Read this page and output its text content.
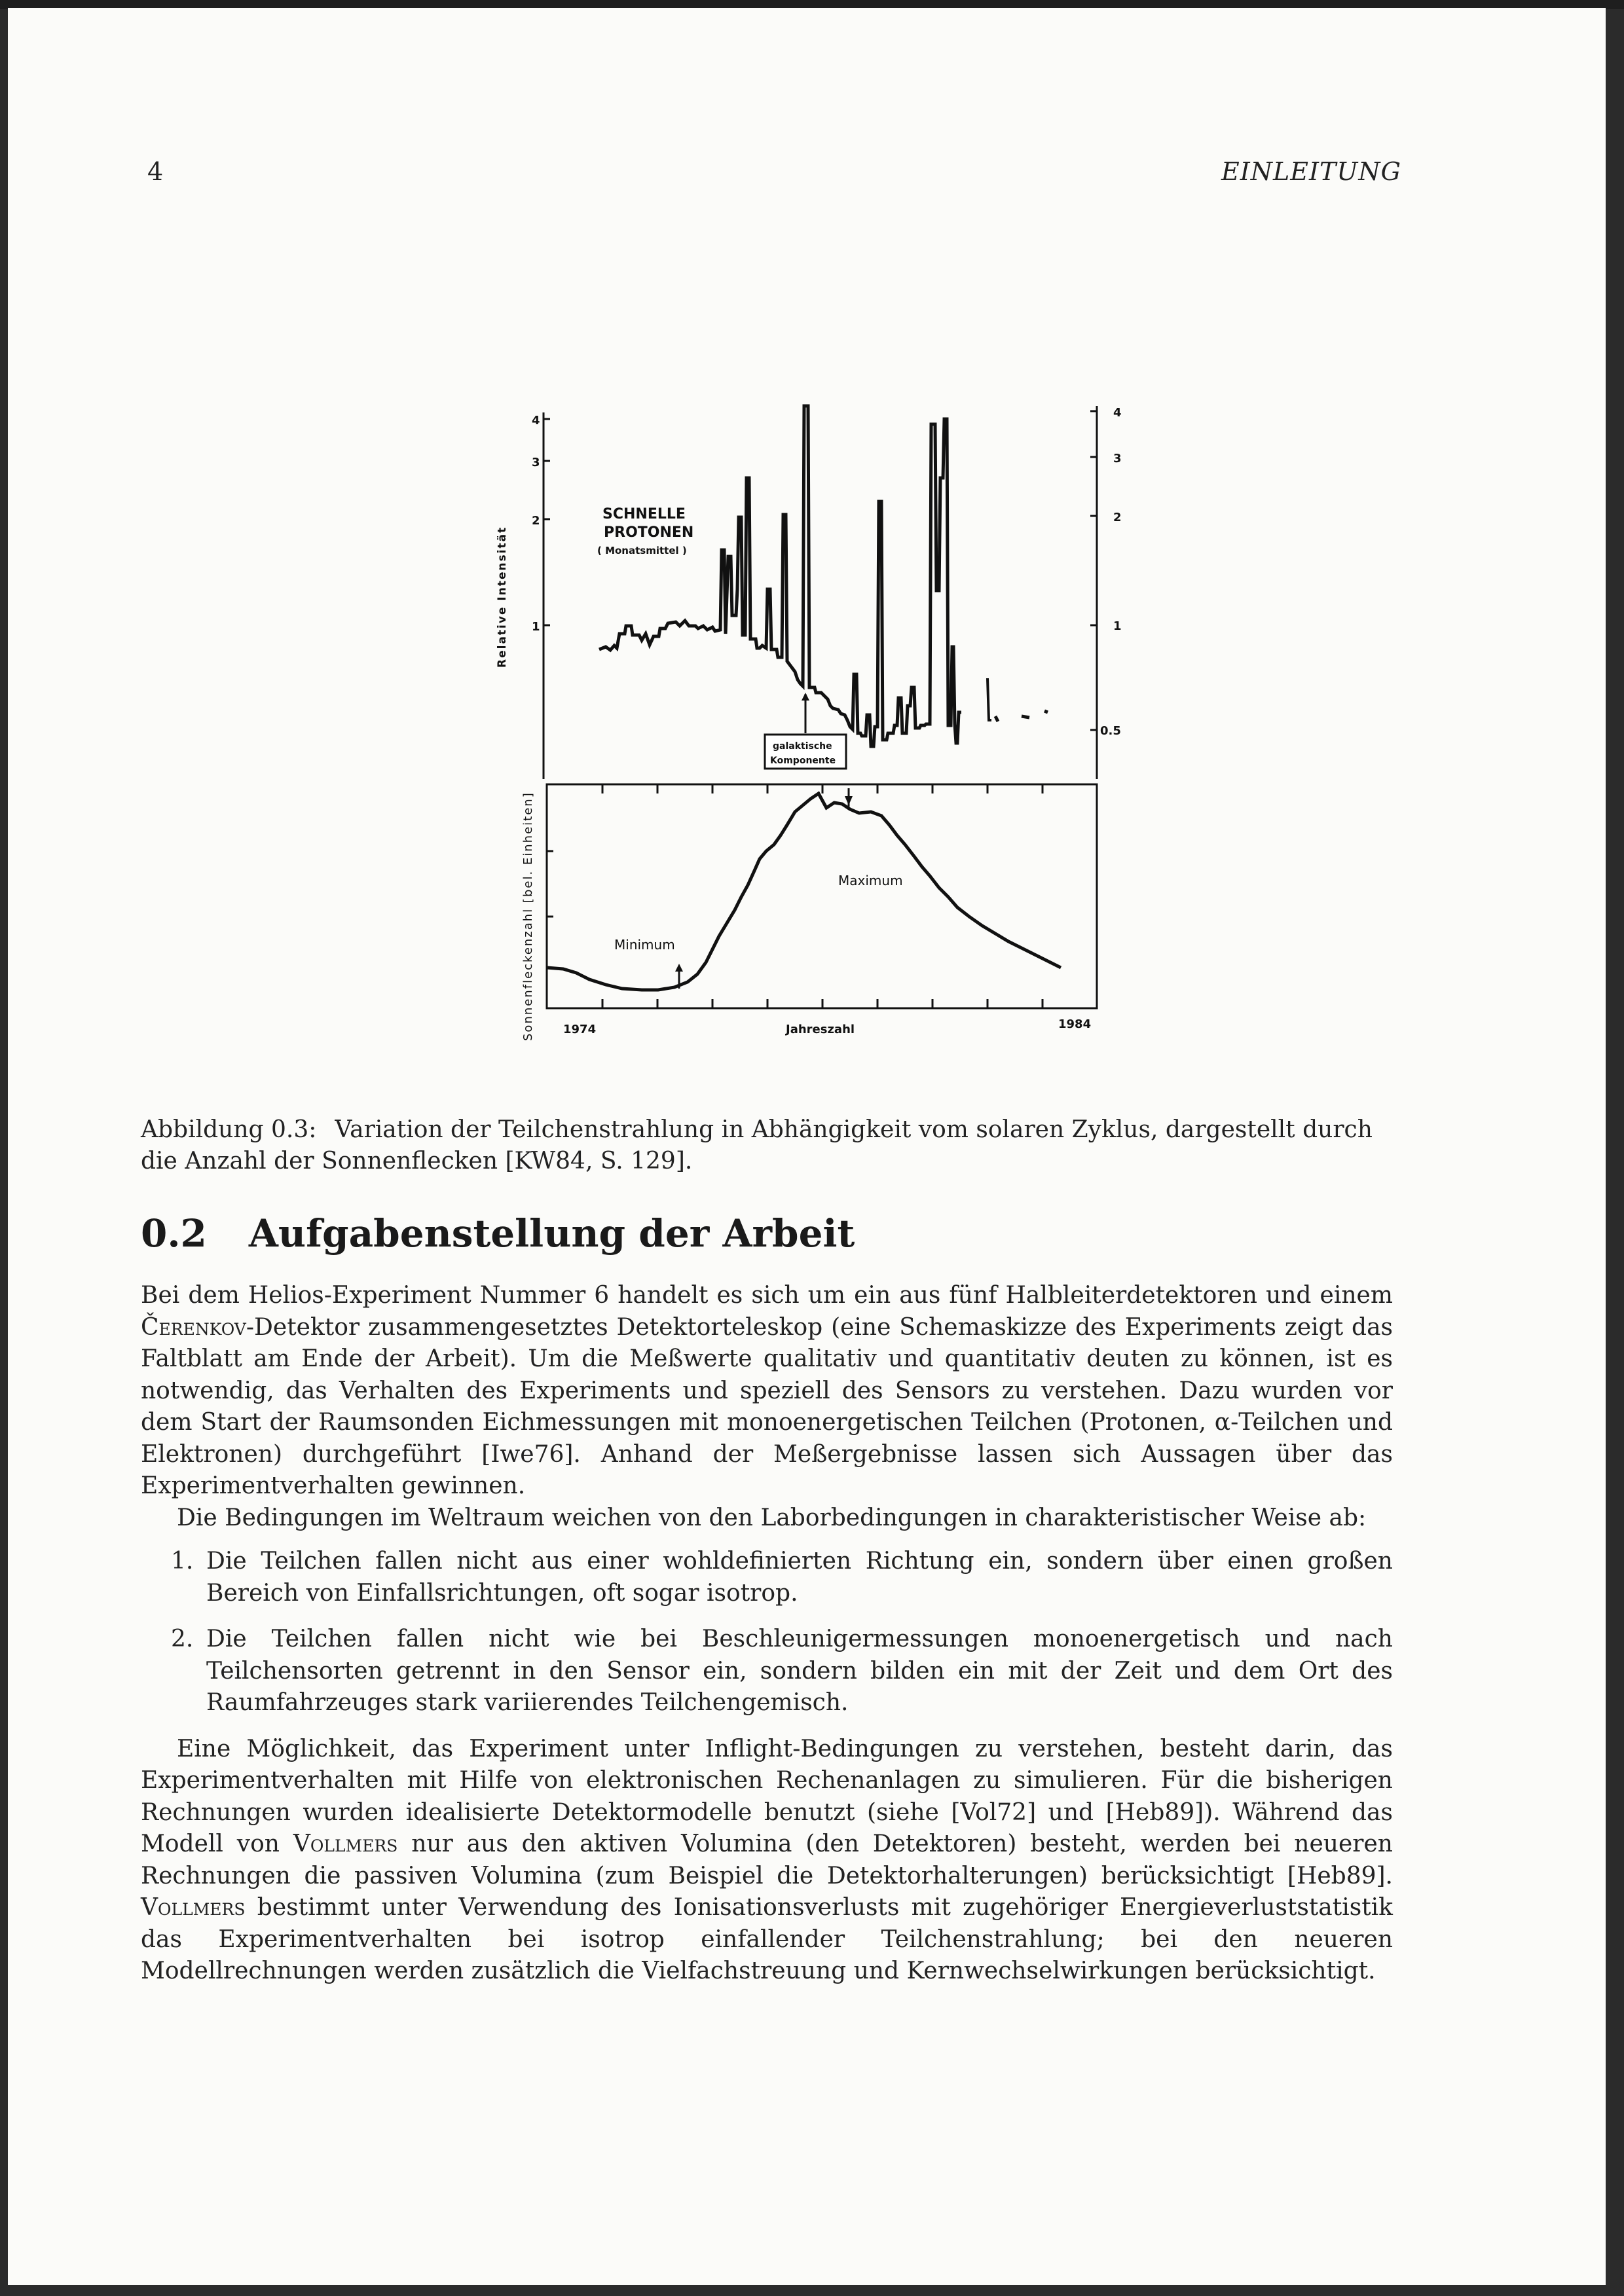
4	EINLEITUNG
4
3
2
1
4
3
2
1
0.5
Relative Intensität
SCHNELLE
PROTONEN
( Monatsmittel )
galaktische
Komponente
Maximum
Minimum
1974	Jahreszahl	1984
Sonnenfleckenzahl [bel. Einheiten]
Abbildung 0.3: Variation der Teilchenstrahlung in Abhängigkeit vom solaren Zyklus, dargestellt durch die Anzahl der Sonnenflecken [KW84, S. 129].
0.2 Aufgabenstellung der Arbeit

Bei dem Helios-Experiment Nummer 6 handelt es sich um ein aus fünf Halbleiterdetektoren und einem Čerenkov-Detektor zusammengesetztes Detektorteleskop (eine Schemaskizze des Experiments zeigt das Faltblatt am Ende der Arbeit). Um die Meßwerte qualitativ und quantitativ deuten zu können, ist es notwendig, das Verhalten des Experiments und speziell des Sensors zu verstehen. Dazu wurden vor dem Start der Raumsonden Eichmessungen mit monoenergetischen Teilchen (Protonen, α-Teilchen und Elektronen) durchgeführt [Iwe76]. Anhand der Meßergebnisse lassen sich Aussagen über das Experimentverhalten gewinnen.

Die Bedingungen im Weltraum weichen von den Laborbedingungen in charakteristischer Weise ab:

1. Die Teilchen fallen nicht aus einer wohldefinierten Richtung ein, sondern über einen großen Bereich von Einfallsrichtungen, oft sogar isotrop.
2. Die Teilchen fallen nicht wie bei Beschleunigermessungen monoenergetisch und nach Teilchensorten getrennt in den Sensor ein, sondern bilden ein mit der Zeit und dem Ort des Raumfahrzeuges stark variierendes Teilchengemisch.

Eine Möglichkeit, das Experiment unter Inflight-Bedingungen zu verstehen, besteht darin, das Experimentverhalten mit Hilfe von elektronischen Rechenanlagen zu simulieren. Für die bisherigen Rechnungen wurden idealisierte Detektormodelle benutzt (siehe [Vol72] und [Heb89]). Während das Modell von Vollmers nur aus den aktiven Volumina (den Detektoren) besteht, werden bei neueren Rechnungen die passiven Volumina (zum Beispiel die Detektorhalterungen) berücksichtigt [Heb89]. Vollmers bestimmt unter Verwendung des Ionisationsverlusts mit zugehöriger Energieverluststatistik das Experimentverhalten bei isotrop einfallender Teilchenstrahlung; bei den neueren Modellrechnungen werden zusätzlich die Vielfachstreuung und Kernwechselwirkungen berücksichtigt.
